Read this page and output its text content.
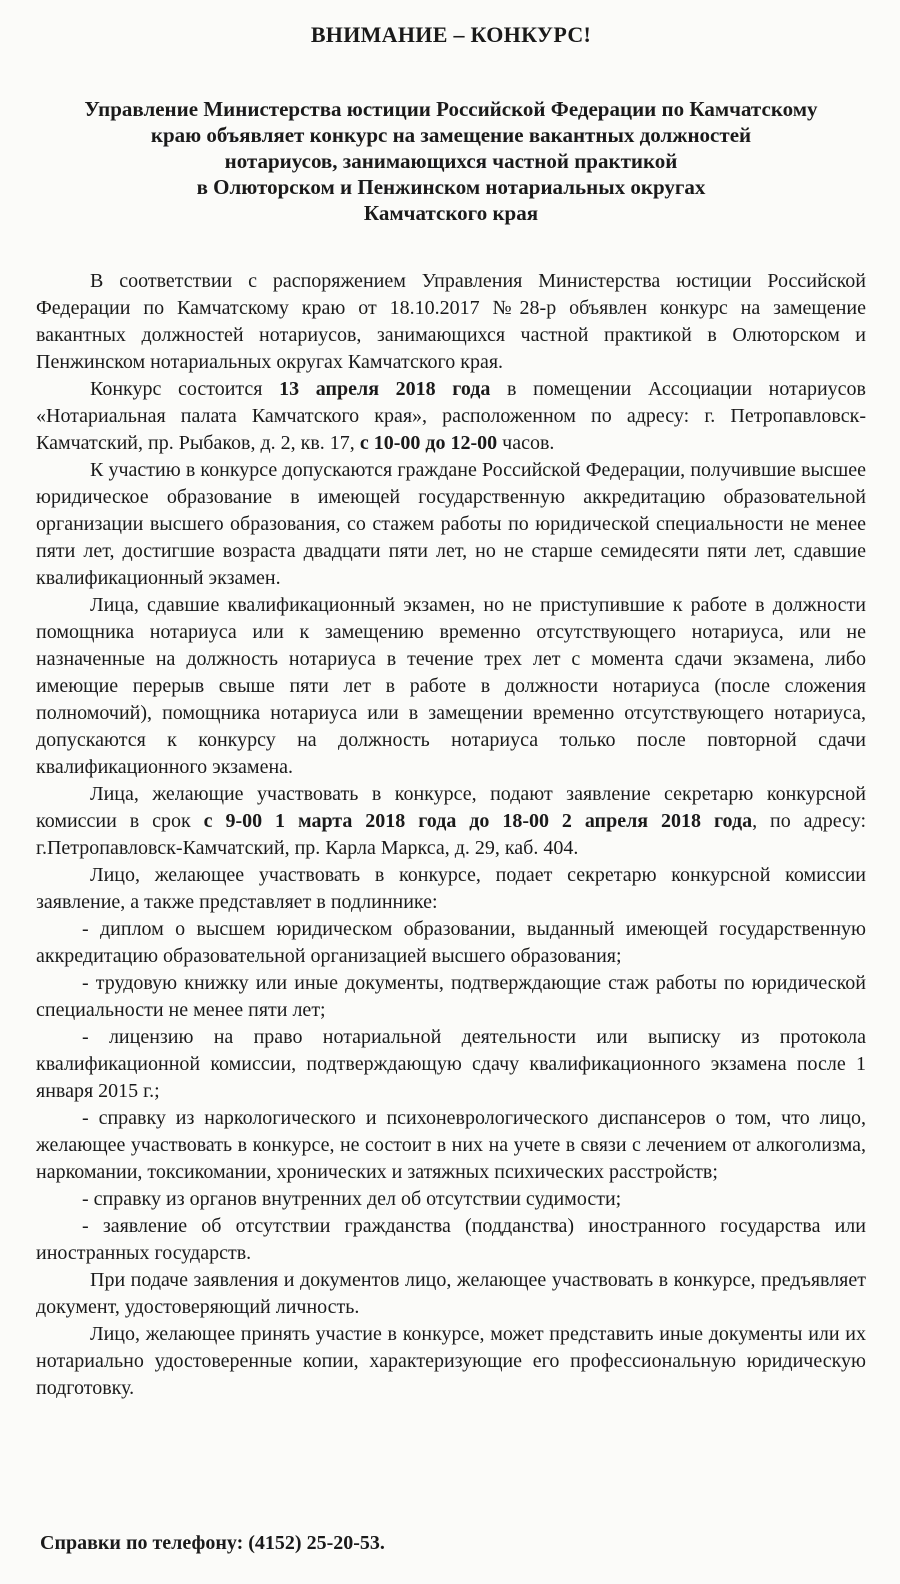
ВНИМАНИЕ – КОНКУРС!
Управление Министерства юстиции Российской Федерации по Камчатскому
краю объявляет конкурс на замещение вакантных должностей
нотариусов, занимающихся частной практикой
в Олюторском и Пенжинском нотариальных округах
Камчатского края

В соответствии с распоряжением Управления Министерства юстиции Российской Федерации по Камчатскому краю от 18.10.2017 №28-р объявлен конкурс на замещение вакантных должностей нотариусов, занимающихся частной практикой в Олюторском и Пенжинском нотариальных округах Камчатского края.

Конкурс состоится 13 апреля 2018 года в помещении Ассоциации нотариусов «Нотариальная палата Камчатского края», расположенном по адресу: г. Петропавловск-Камчатский, пр. Рыбаков, д. 2, кв. 17, с 10-00 до 12-00 часов.

К участию в конкурсе допускаются граждане Российской Федерации, получившие высшее юридическое образование в имеющей государственную аккредитацию образовательной организации высшего образования, со стажем работы по юридической специальности не менее пяти лет, достигшие возраста двадцати пяти лет, но не старше семидесяти пяти лет, сдавшие квалификационный экзамен.

Лица, сдавшие квалификационный экзамен, но не приступившие к работе в должности помощника нотариуса или к замещению временно отсутствующего нотариуса, или не назначенные на должность нотариуса в течение трех лет с момента сдачи экзамена, либо имеющие перерыв свыше пяти лет в работе в должности нотариуса (после сложения полномочий), помощника нотариуса или в замещении временно отсутствующего нотариуса, допускаются к конкурсу на должность нотариуса только после повторной сдачи квалификационного экзамена.

Лица, желающие участвовать в конкурсе, подают заявление секретарю конкурсной комиссии в срок с 9-00 1 марта 2018 года до 18-00 2 апреля 2018 года, по адресу: г.Петропавловск-Камчатский, пр. Карла Маркса, д. 29, каб. 404.

Лицо, желающее участвовать в конкурсе, подает секретарю конкурсной комиссии заявление, а также представляет в подлиннике:

- диплом о высшем юридическом образовании, выданный имеющей государственную аккредитацию образовательной организацией высшего образования;

- трудовую книжку или иные документы, подтверждающие стаж работы по юридической специальности не менее пяти лет;

- лицензию на право нотариальной деятельности или выписку из протокола квалификационной комиссии, подтверждающую сдачу квалификационного экзамена после 1 января 2015 г.;

- справку из наркологического и психоневрологического диспансеров о том, что лицо, желающее участвовать в конкурсе, не состоит в них на учете в связи с лечением от алкоголизма, наркомании, токсикомании, хронических и затяжных психических расстройств;

- справку из органов внутренних дел об отсутствии судимости;

- заявление об отсутствии гражданства (подданства) иностранного государства или иностранных государств.

При подаче заявления и документов лицо, желающее участвовать в конкурсе, предъявляет документ, удостоверяющий личность.

Лицо, желающее принять участие в конкурсе, может представить иные документы или их нотариально удостоверенные копии, характеризующие его профессиональную юридическую подготовку.

Справки по телефону: (4152) 25-20-53.
